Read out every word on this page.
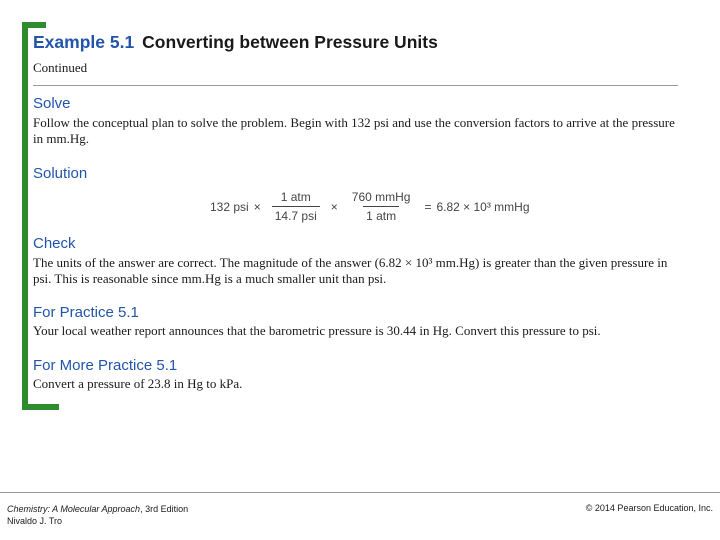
Example 5.1 Converting between Pressure Units
Continued
Solve
Follow the conceptual plan to solve the problem. Begin with 132 psi and use the conversion factors to arrive at the pressure in mm.Hg.
Solution
132 psi × $\frac{\text{1 atm}}{\text{14.7 psi}} \times \frac{\text{760 mmHg}}{\text{1 atm}} = 6.82 \times 10^3$ mmHg
Check
The units of the answer are correct. The magnitude of the answer (6.82 × 10³ mm.Hg) is greater than the given pressure in psi. This is reasonable since mm.Hg is a much smaller unit than psi.
For Practice 5.1
Your local weather report announces that the barometric pressure is 30.44 in Hg. Convert this pressure to psi.
For More Practice 5.1
Convert a pressure of 23.8 in Hg to kPa.
Chemistry: A Molecular Approach, 3rd Edition
Nivaldo J. Tro
© 2014 Pearson Education, Inc.
